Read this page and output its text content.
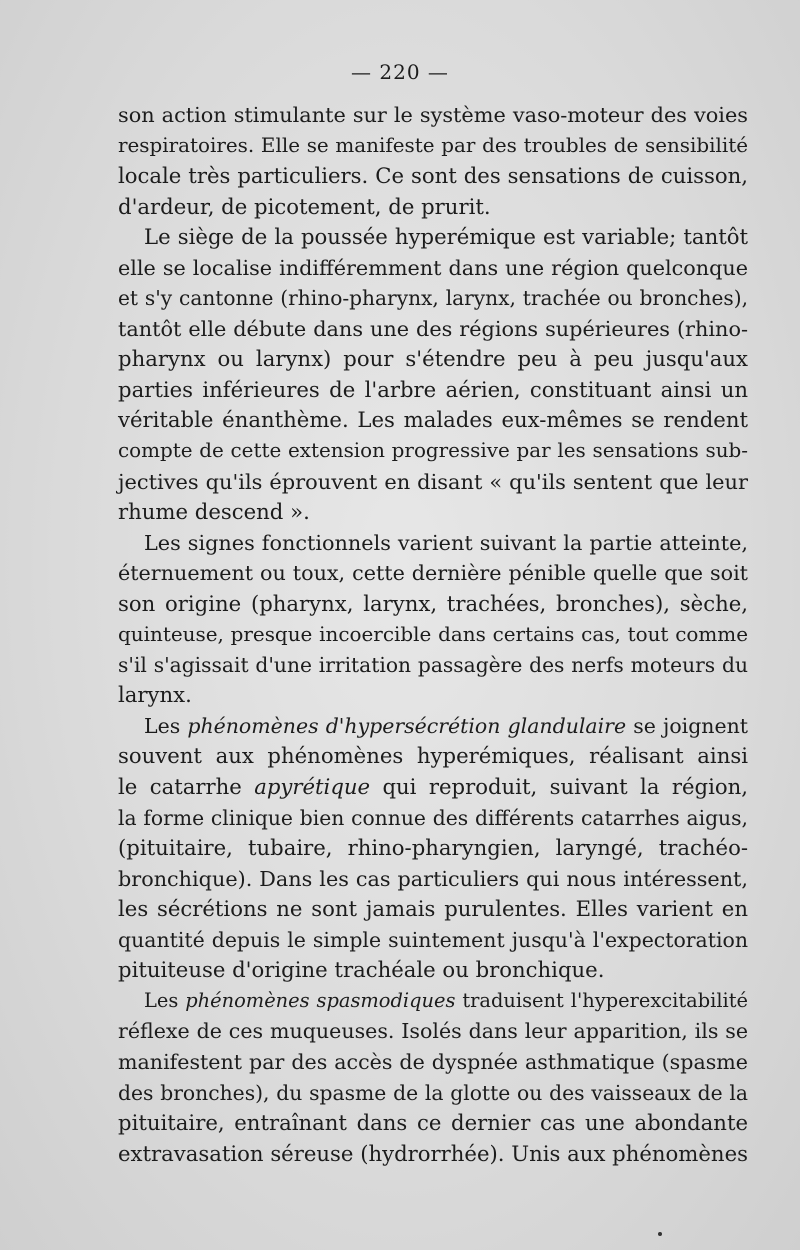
— 220 —
son action stimulante sur le système vaso-moteur des voies
respiratoires. Elle se manifeste par des troubles de sensibilité
locale très particuliers. Ce sont des sensations de cuisson,
d'ardeur, de picotement, de prurit.
Le siège de la poussée hyperémique est variable; tantôt
elle se localise indifféremment dans une région quelconque
et s'y cantonne (rhino-pharynx, larynx, trachée ou bronches),
tantôt elle débute dans une des régions supérieures (rhino-
pharynx ou larynx) pour s'étendre peu à peu jusqu'aux
parties inférieures de l'arbre aérien, constituant ainsi un
véritable énanthème. Les malades eux-mêmes se rendent
compte de cette extension progressive par les sensations sub-
jectives qu'ils éprouvent en disant « qu'ils sentent que leur
rhume descend ».
Les signes fonctionnels varient suivant la partie atteinte,
éternuement ou toux, cette dernière pénible quelle que soit
son origine (pharynx, larynx, trachées, bronches), sèche,
quinteuse, presque incoercible dans certains cas, tout comme
s'il s'agissait d'une irritation passagère des nerfs moteurs du
larynx.
Les phénomènes d'hypersécrétion glandulaire se joignent
souvent aux phénomènes hyperémiques, réalisant ainsi
le catarrhe apyrétique qui reproduit, suivant la région,
la forme clinique bien connue des différents catarrhes aigus,
(pituitaire, tubaire, rhino-pharyngien, laryngé, trachéo-
bronchique). Dans les cas particuliers qui nous intéressent,
les sécrétions ne sont jamais purulentes. Elles varient en
quantité depuis le simple suintement jusqu'à l'expectoration
pituiteuse d'origine trachéale ou bronchique.
Les phénomènes spasmodiques traduisent l'hyperexcitabilité
réflexe de ces muqueuses. Isolés dans leur apparition, ils se
manifestent par des accès de dyspnée asthmatique (spasme
des bronches), du spasme de la glotte ou des vaisseaux de la
pituitaire, entraînant dans ce dernier cas une abondante
extravasation séreuse (hydrorrhée). Unis aux phénomènes
